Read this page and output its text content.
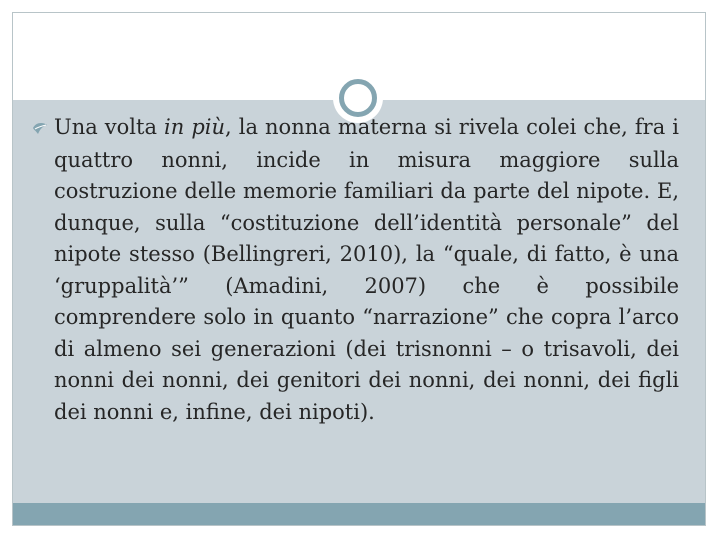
Una volta in più, la nonna materna si rivela colei che, fra i quattro nonni, incide in misura maggiore sulla costruzione delle memorie familiari da parte del nipote. E, dunque, sulla “costituzione dell’identità personale” del nipote stesso (Bellingreri, 2010), la “quale, di fatto, è una ‘gruppalità’” (Amadini, 2007) che è possibile comprendere solo in quanto “narrazione” che copra l’arco di almeno sei generazioni (dei trisnonni – o trisavoli, dei nonni dei nonni, dei genitori dei nonni, dei nonni, dei figli dei nonni e, infine, dei nipoti).
